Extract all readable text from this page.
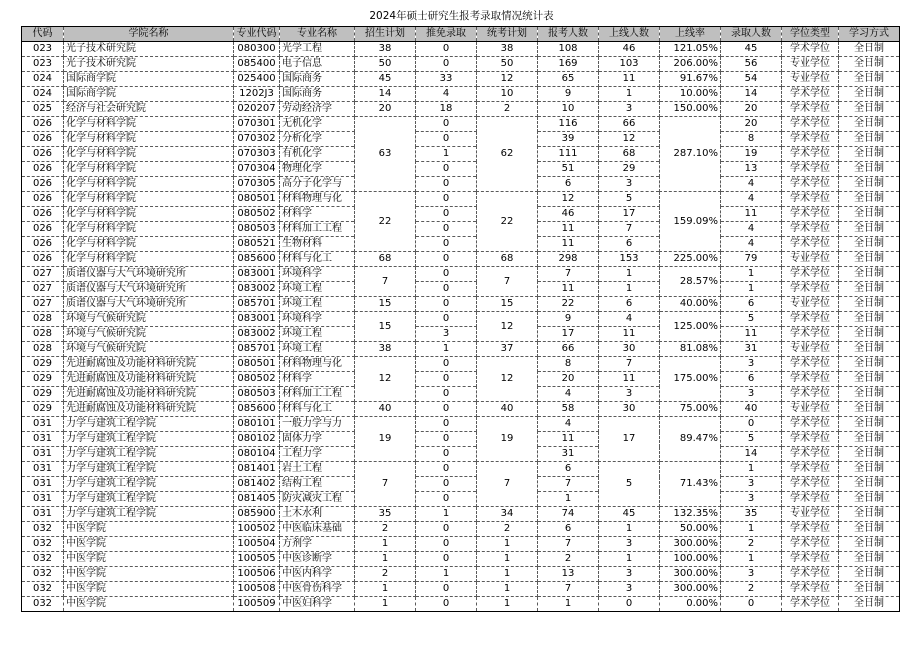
2024年硕士研究生报考录取情况统计表
代码	学院名称	专业代码	专业名称	招生计划	推免录取	统考计划	报考人数	上线人数	上线率	录取人数	学位类型	学习方式
023	光子技术研究院	080300	光学工程	38	0	38	108	46	121.05%	45	学术学位	全日制
023	光子技术研究院	085400	电子信息	50	0	50	169	103	206.00%	56	专业学位	全日制
024	国际商学院	025400	国际商务	45	33	12	65	11	91.67%	54	专业学位	全日制
024	国际商学院	1202J3	国际商务	14	4	10	9	1	10.00%	14	学术学位	全日制
025	经济与社会研究院	020207	劳动经济学	20	18	2	10	3	150.00%	20	学术学位	全日制
026	化学与材料学院	070301	无机化学	63	0	62	116	66	287.10%	20	学术学位	全日制
026	化学与材料学院	070302	分析化学		0		39	12		8	学术学位	全日制
026	化学与材料学院	070303	有机化学		1		111	68		19	学术学位	全日制
026	化学与材料学院	070304	物理化学		0		51	29		13	学术学位	全日制
026	化学与材料学院	070305	高分子化学与		0		6	3		4	学术学位	全日制
026	化学与材料学院	080501	材料物理与化	22	0	22	12	5	159.09%	4	学术学位	全日制
026	化学与材料学院	080502	材料学		0		46	17		11	学术学位	全日制
026	化学与材料学院	080503	材料加工工程		0		11	7		4	学术学位	全日制
026	化学与材料学院	080521	生物材料		0		11	6		4	学术学位	全日制
026	化学与材料学院	085600	材料与化工	68	0	68	298	153	225.00%	79	专业学位	全日制
027	质谱仪器与大气环境研究所	083001	环境科学	7	0	7	7	1	28.57%	1	学术学位	全日制
027	质谱仪器与大气环境研究所	083002	环境工程		0		11	1		1	学术学位	全日制
027	质谱仪器与大气环境研究所	085701	环境工程	15	0	15	22	6	40.00%	6	专业学位	全日制
028	环境与气候研究院	083001	环境科学	15	0	12	9	4	125.00%	5	学术学位	全日制
028	环境与气候研究院	083002	环境工程		3		17	11		11	学术学位	全日制
028	环境与气候研究院	085701	环境工程	38	1	37	66	30	81.08%	31	专业学位	全日制
029	先进耐腐蚀及功能材料研究院	080501	材料物理与化	12	0	12	8	7	175.00%	3	学术学位	全日制
029	先进耐腐蚀及功能材料研究院	080502	材料学		0		20	11		6	学术学位	全日制
029	先进耐腐蚀及功能材料研究院	080503	材料加工工程		0		4	3		3	学术学位	全日制
029	先进耐腐蚀及功能材料研究院	085600	材料与化工	40	0	40	58	30	75.00%	40	专业学位	全日制
031	力学与建筑工程学院	080101	一般力学与力	19	0	19	4	17	89.47%	0	学术学位	全日制
031	力学与建筑工程学院	080102	固体力学		0		11			5	学术学位	全日制
031	力学与建筑工程学院	080104	工程力学		0		31			14	学术学位	全日制
031	力学与建筑工程学院	081401	岩土工程	7	0	7	6	5	71.43%	1	学术学位	全日制
031	力学与建筑工程学院	081402	结构工程		0		7			3	学术学位	全日制
031	力学与建筑工程学院	081405	防灾减灾工程		0		1			3	学术学位	全日制
031	力学与建筑工程学院	085900	土木水利	35	1	34	74	45	132.35%	35	专业学位	全日制
032	中医学院	100502	中医临床基础	2	0	2	6	1	50.00%	1	学术学位	全日制
032	中医学院	100504	方剂学	1	0	1	7	3	300.00%	2	学术学位	全日制
032	中医学院	100505	中医诊断学	1	0	1	2	1	100.00%	1	学术学位	全日制
032	中医学院	100506	中医内科学	2	1	1	13	3	300.00%	3	学术学位	全日制
032	中医学院	100508	中医骨伤科学	1	0	1	7	3	300.00%	2	学术学位	全日制
032	中医学院	100509	中医妇科学	1	0	1	1	0	0.00%	0	学术学位	全日制
